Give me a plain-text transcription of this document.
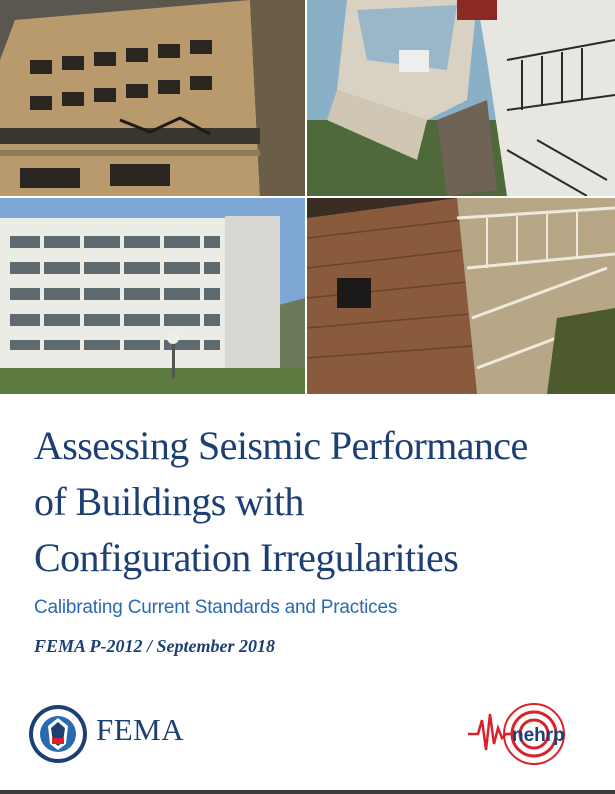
Assessing Seismic Performance
of Buildings with
Configuration Irregularities
Calibrating Current Standards and Practices
FEMA P-2012 / September 2018
FEMA	nehrp
